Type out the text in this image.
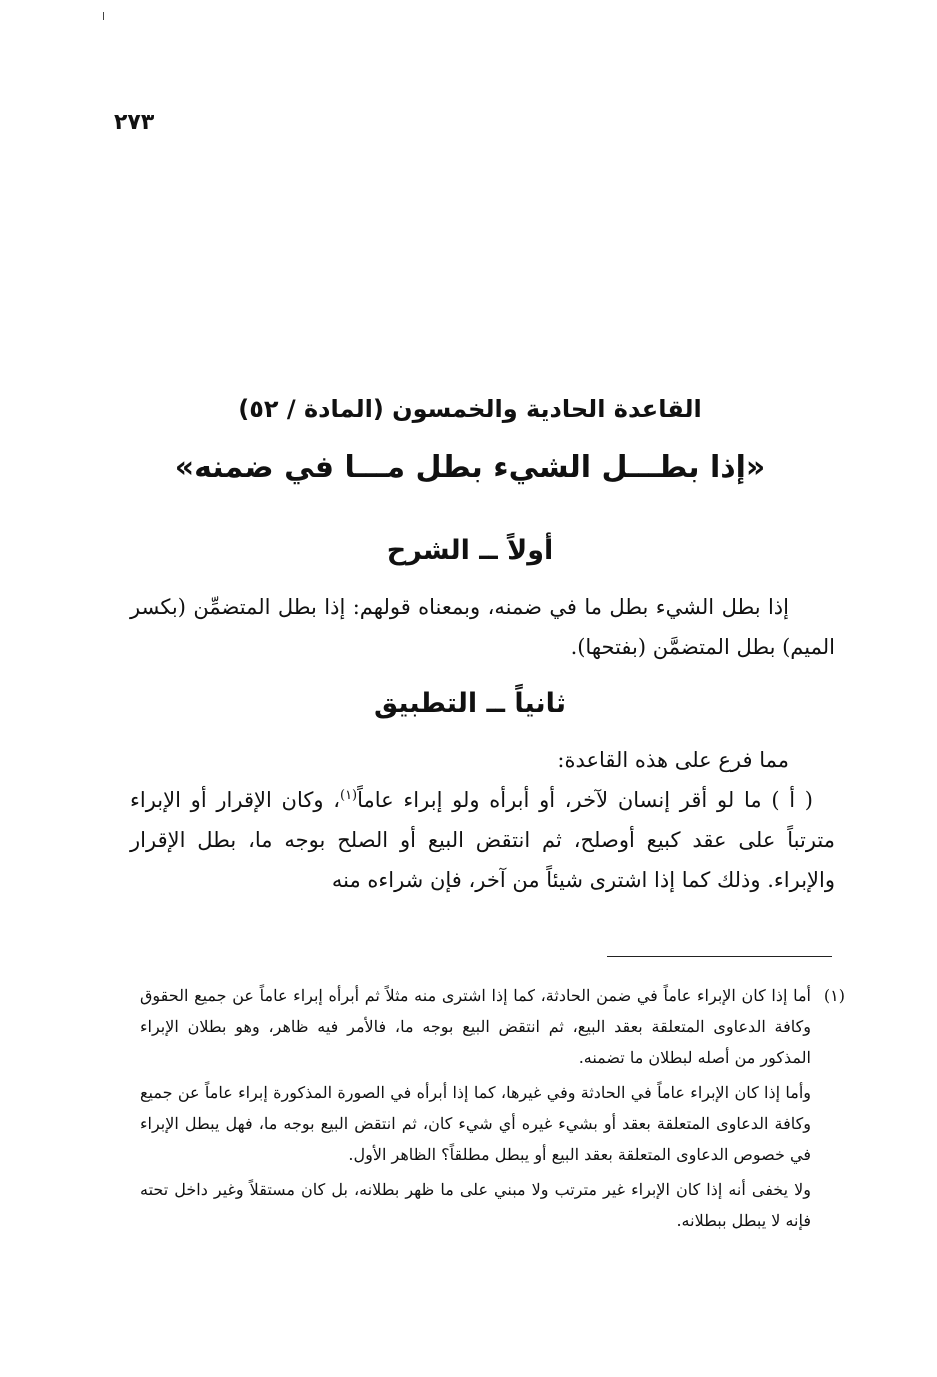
٢٧٣
القاعدة الحادية والخمسون (المادة / ٥٢)
«إذا بطـــل الشيء بطل مـــا في ضمنه»
أولاً ــ الشرح
إذا بطل الشيء بطل ما في ضمنه، وبمعناه قولهم: إذا بطل المتضمِّن (بكسر الميم) بطل المتضمَّن (بفتحها).
ثانياً ــ التطبيق
مما فرع على هذه القاعدة:
( أ ) ما لو أقر إنسان لآخر، أو أبرأه ولو إبراء عاماً$^{(١)}$، وكان الإقرار أو الإبراء مترتباً على عقد كبيع أوصلح، ثم انتقض البيع أو الصلح بوجه ما، بطل الإقرار والإبراء. وذلك كما إذا اشترى شيئاً من آخر، فإن شراءه منه

(١)أما إذا كان الإبراء عاماً في ضمن الحادثة، كما إذا اشترى منه مثلاً ثم أبرأه إبراء عاماً عن جميع الحقوق وكافة الدعاوى المتعلقة بعقد البيع، ثم انتقض البيع بوجه ما، فالأمر فيه ظاهر، وهو بطلان الإبراء المذكور من أصله لبطلان ما تضمنه.

وأما إذا كان الإبراء عاماً في الحادثة وفي غيرها، كما إذا أبرأه في الصورة المذكورة إبراء عاماً عن جميع وكافة الدعاوى المتعلقة بعقد أو بشيء غيره أي شيء كان، ثم انتقض البيع بوجه ما، فهل يبطل الإبراء في خصوص الدعاوى المتعلقة بعقد البيع أو يبطل مطلقاً؟ الظاهر الأول.

ولا يخفى أنه إذا كان الإبراء غير مترتب ولا مبني على ما ظهر بطلانه، بل كان مستقلاً وغير داخل تحته فإنه لا يبطل ببطلانه.
